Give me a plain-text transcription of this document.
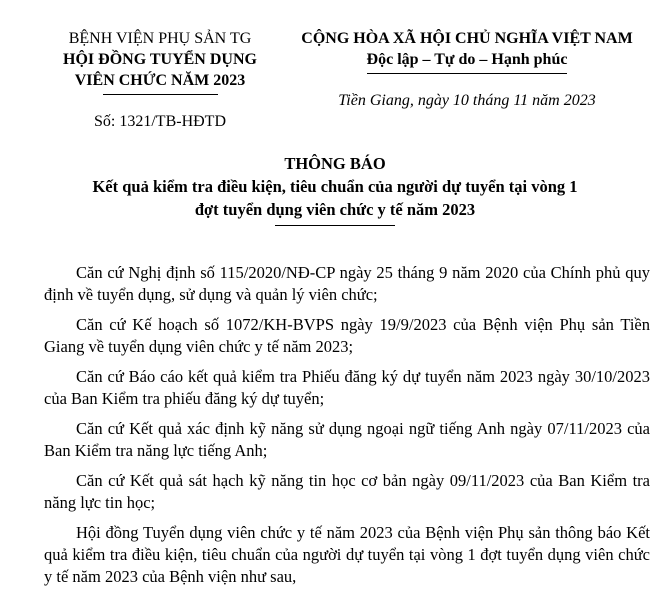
BỆNH VIỆN PHỤ SẢN TG
HỘI ĐỒNG TUYỂN DỤNG
VIÊN CHỨC NĂM 2023
Số: 1321/TB-HĐTD
CỘNG HÒA XÃ HỘI CHỦ NGHĨA VIỆT NAM
Độc lập – Tự do – Hạnh phúc
Tiền Giang, ngày 10 tháng 11 năm 2023
THÔNG BÁO
Kết quả kiểm tra điều kiện, tiêu chuẩn của người dự tuyển tại vòng 1
đợt tuyển dụng viên chức y tế năm 2023

Căn cứ Nghị định số 115/2020/NĐ-CP ngày 25 tháng 9 năm 2020 của Chính phủ quy định về tuyển dụng, sử dụng và quản lý viên chức;

Căn cứ Kế hoạch số 1072/KH-BVPS ngày 19/9/2023 của Bệnh viện Phụ sản Tiền Giang về tuyển dụng viên chức y tế năm 2023;

Căn cứ Báo cáo kết quả kiểm tra Phiếu đăng ký dự tuyển năm 2023 ngày 30/10/2023 của Ban Kiểm tra phiếu đăng ký dự tuyển;

Căn cứ Kết quả xác định kỹ năng sử dụng ngoại ngữ tiếng Anh ngày 07/11/2023 của Ban Kiểm tra năng lực tiếng Anh;

Căn cứ Kết quả sát hạch kỹ năng tin học cơ bản ngày 09/11/2023 của Ban Kiểm tra năng lực tin học;

Hội đồng Tuyển dụng viên chức y tế năm 2023 của Bệnh viện Phụ sản thông báo Kết quả kiểm tra điều kiện, tiêu chuẩn của người dự tuyển tại vòng 1 đợt tuyển dụng viên chức y tế năm 2023 của Bệnh viện như sau,
